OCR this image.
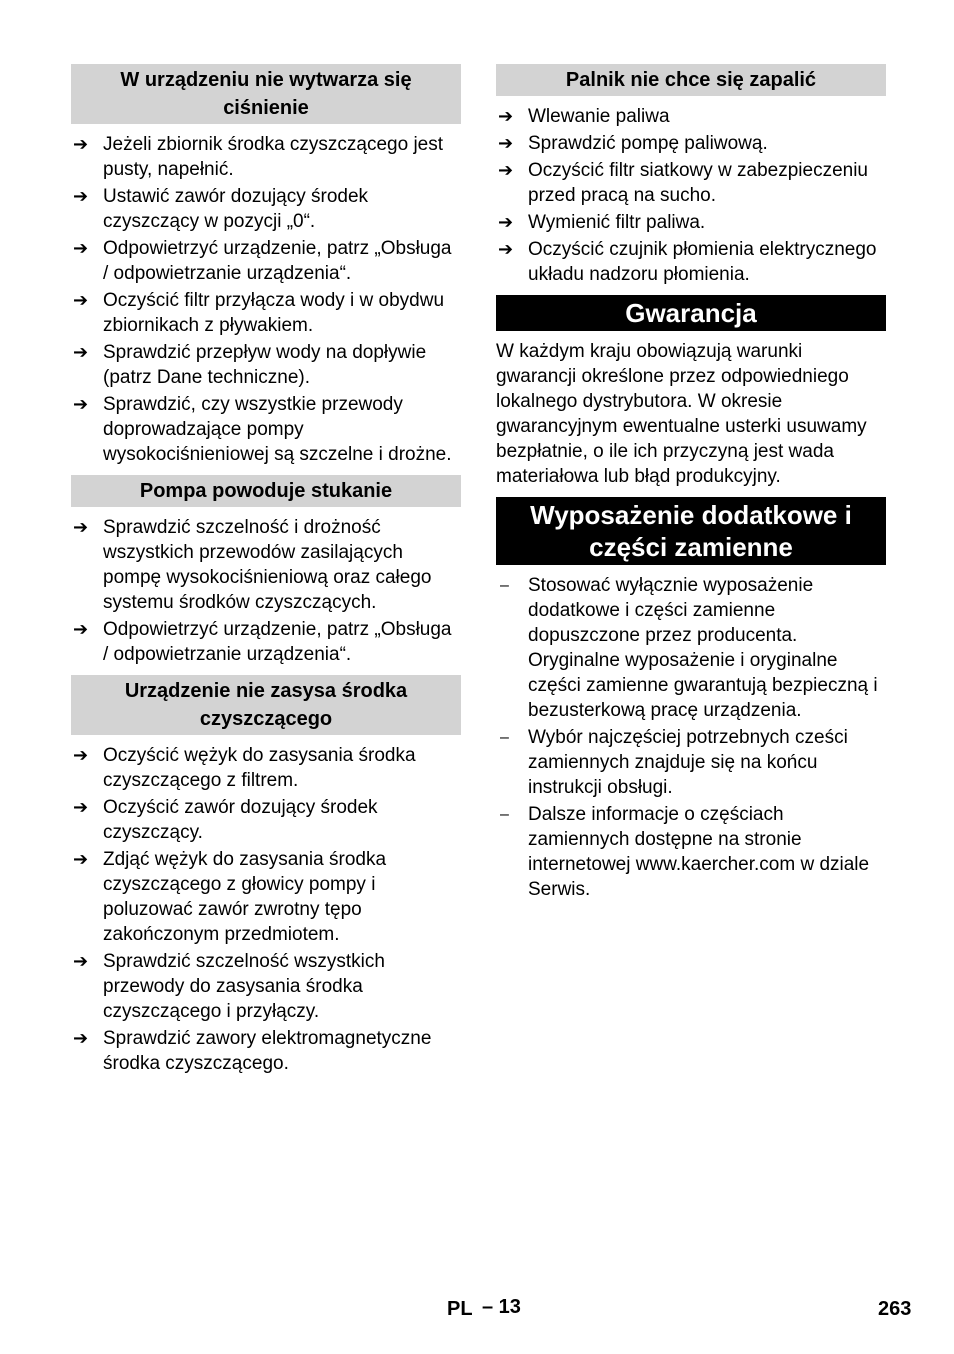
W urządzeniu nie wytwarza się ciśnienie
➔ Jeżeli zbiornik środka czyszczącego jest pusty, napełnić.
➔ Ustawić zawór dozujący środek czyszczący w pozycji „0“.
➔ Odpowietrzyć urządzenie, patrz „Obsługa / odpowietrzanie urządzenia“.
➔ Oczyścić filtr przyłącza wody i w obydwu zbiornikach z pływakiem.
➔ Sprawdzić przepływ wody na dopływie (patrz Dane techniczne).
➔ Sprawdzić, czy wszystkie przewody doprowadzające pompy wysokociśnieniowej są szczelne i drożne.
Pompa powoduje stukanie
➔ Sprawdzić szczelność i drożność wszystkich przewodów zasilających pompę wysokociśnieniową oraz całego systemu środków czyszczących.
➔ Odpowietrzyć urządzenie, patrz „Obsługa / odpowietrzanie urządzenia“.
Urządzenie nie zasysa środka czyszczącego
➔ Oczyścić wężyk do zasysania środka czyszczącego z filtrem.
➔ Oczyścić zawór dozujący środek czyszczący.
➔ Zdjąć wężyk do zasysania środka czyszczącego z głowicy pompy i poluzować zawór zwrotny tępo zakończonym przedmiotem.
➔ Sprawdzić szczelność wszystkich przewody do zasysania środka czyszczącego i przyłączy.
➔ Sprawdzić zawory elektromagnetyczne środka czyszczącego.
Palnik nie chce się zapalić
➔ Wlewanie paliwa
➔ Sprawdzić pompę paliwową.
➔ Oczyścić filtr siatkowy w zabezpieczeniu przed pracą na sucho.
➔ Wymienić filtr paliwa.
➔ Oczyścić czujnik płomienia elektrycznego układu nadzoru płomienia.
Gwarancja

W każdym kraju obowiązują warunki gwarancji określone przez odpowiedniego lokalnego dystrybutora. W okresie gwarancyjnym ewentualne usterki usuwamy bezpłatnie, o ile ich przyczyną jest wada materiałowa lub błąd produkcyjny.

Wyposażenie dodatkowe i części zamienne
–	Stosować wyłącznie wyposażenie dodatkowe i części zamienne dopuszczone przez producenta. Oryginalne wyposażenie i oryginalne części zamienne gwarantują bezpieczną i bezusterkową pracę urządzenia.
–	Wybór najczęściej potrzebnych cześci zamiennych znajduje się na końcu instrukcji obsługi.
–	Dalsze informacje o częściach zamiennych dostępne na stronie internetowej www.kaercher.com w dziale Serwis.
PL – 13	263
